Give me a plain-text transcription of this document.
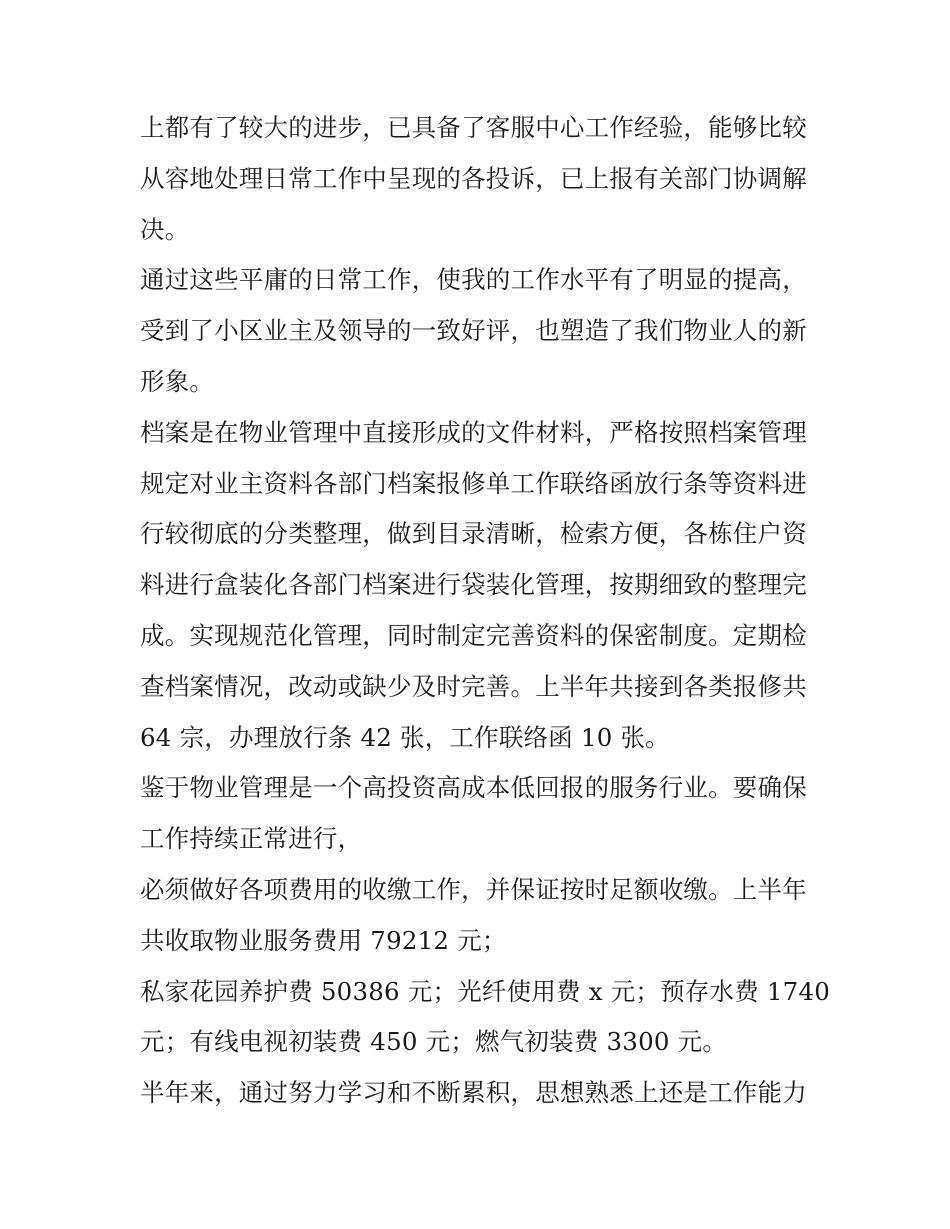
上都有了较大的进步，已具备了客服中心工作经验，能够比较
从容地处理日常工作中呈现的各投诉，已上报有关部门协调解
决。
通过这些平庸的日常工作，使我的工作水平有了明显的提高，
受到了小区业主及领导的一致好评，也塑造了我们物业人的新
形象。
档案是在物业管理中直接形成的文件材料，严格按照档案管理
规定对业主资料各部门档案报修单工作联络函放行条等资料进
行较彻底的分类整理，做到目录清晰，检索方便，各栋住户资
料进行盒装化各部门档案进行袋装化管理，按期细致的整理完
成。实现规范化管理，同时制定完善资料的保密制度。定期检
查档案情况，改动或缺少及时完善。上半年共接到各类报修共
64 宗，办理放行条 42 张，工作联络函 10 张。
鉴于物业管理是一个高投资高成本低回报的服务行业。要确保
工作持续正常进行，
必须做好各项费用的收缴工作，并保证按时足额收缴。上半年
共收取物业服务费用 79212 元；
私家花园养护费 50386 元；光纤使用费 x 元；预存水费 1740
元；有线电视初装费 450 元；燃气初装费 3300 元。
半年来，通过努力学习和不断累积，思想熟悉上还是工作能力
